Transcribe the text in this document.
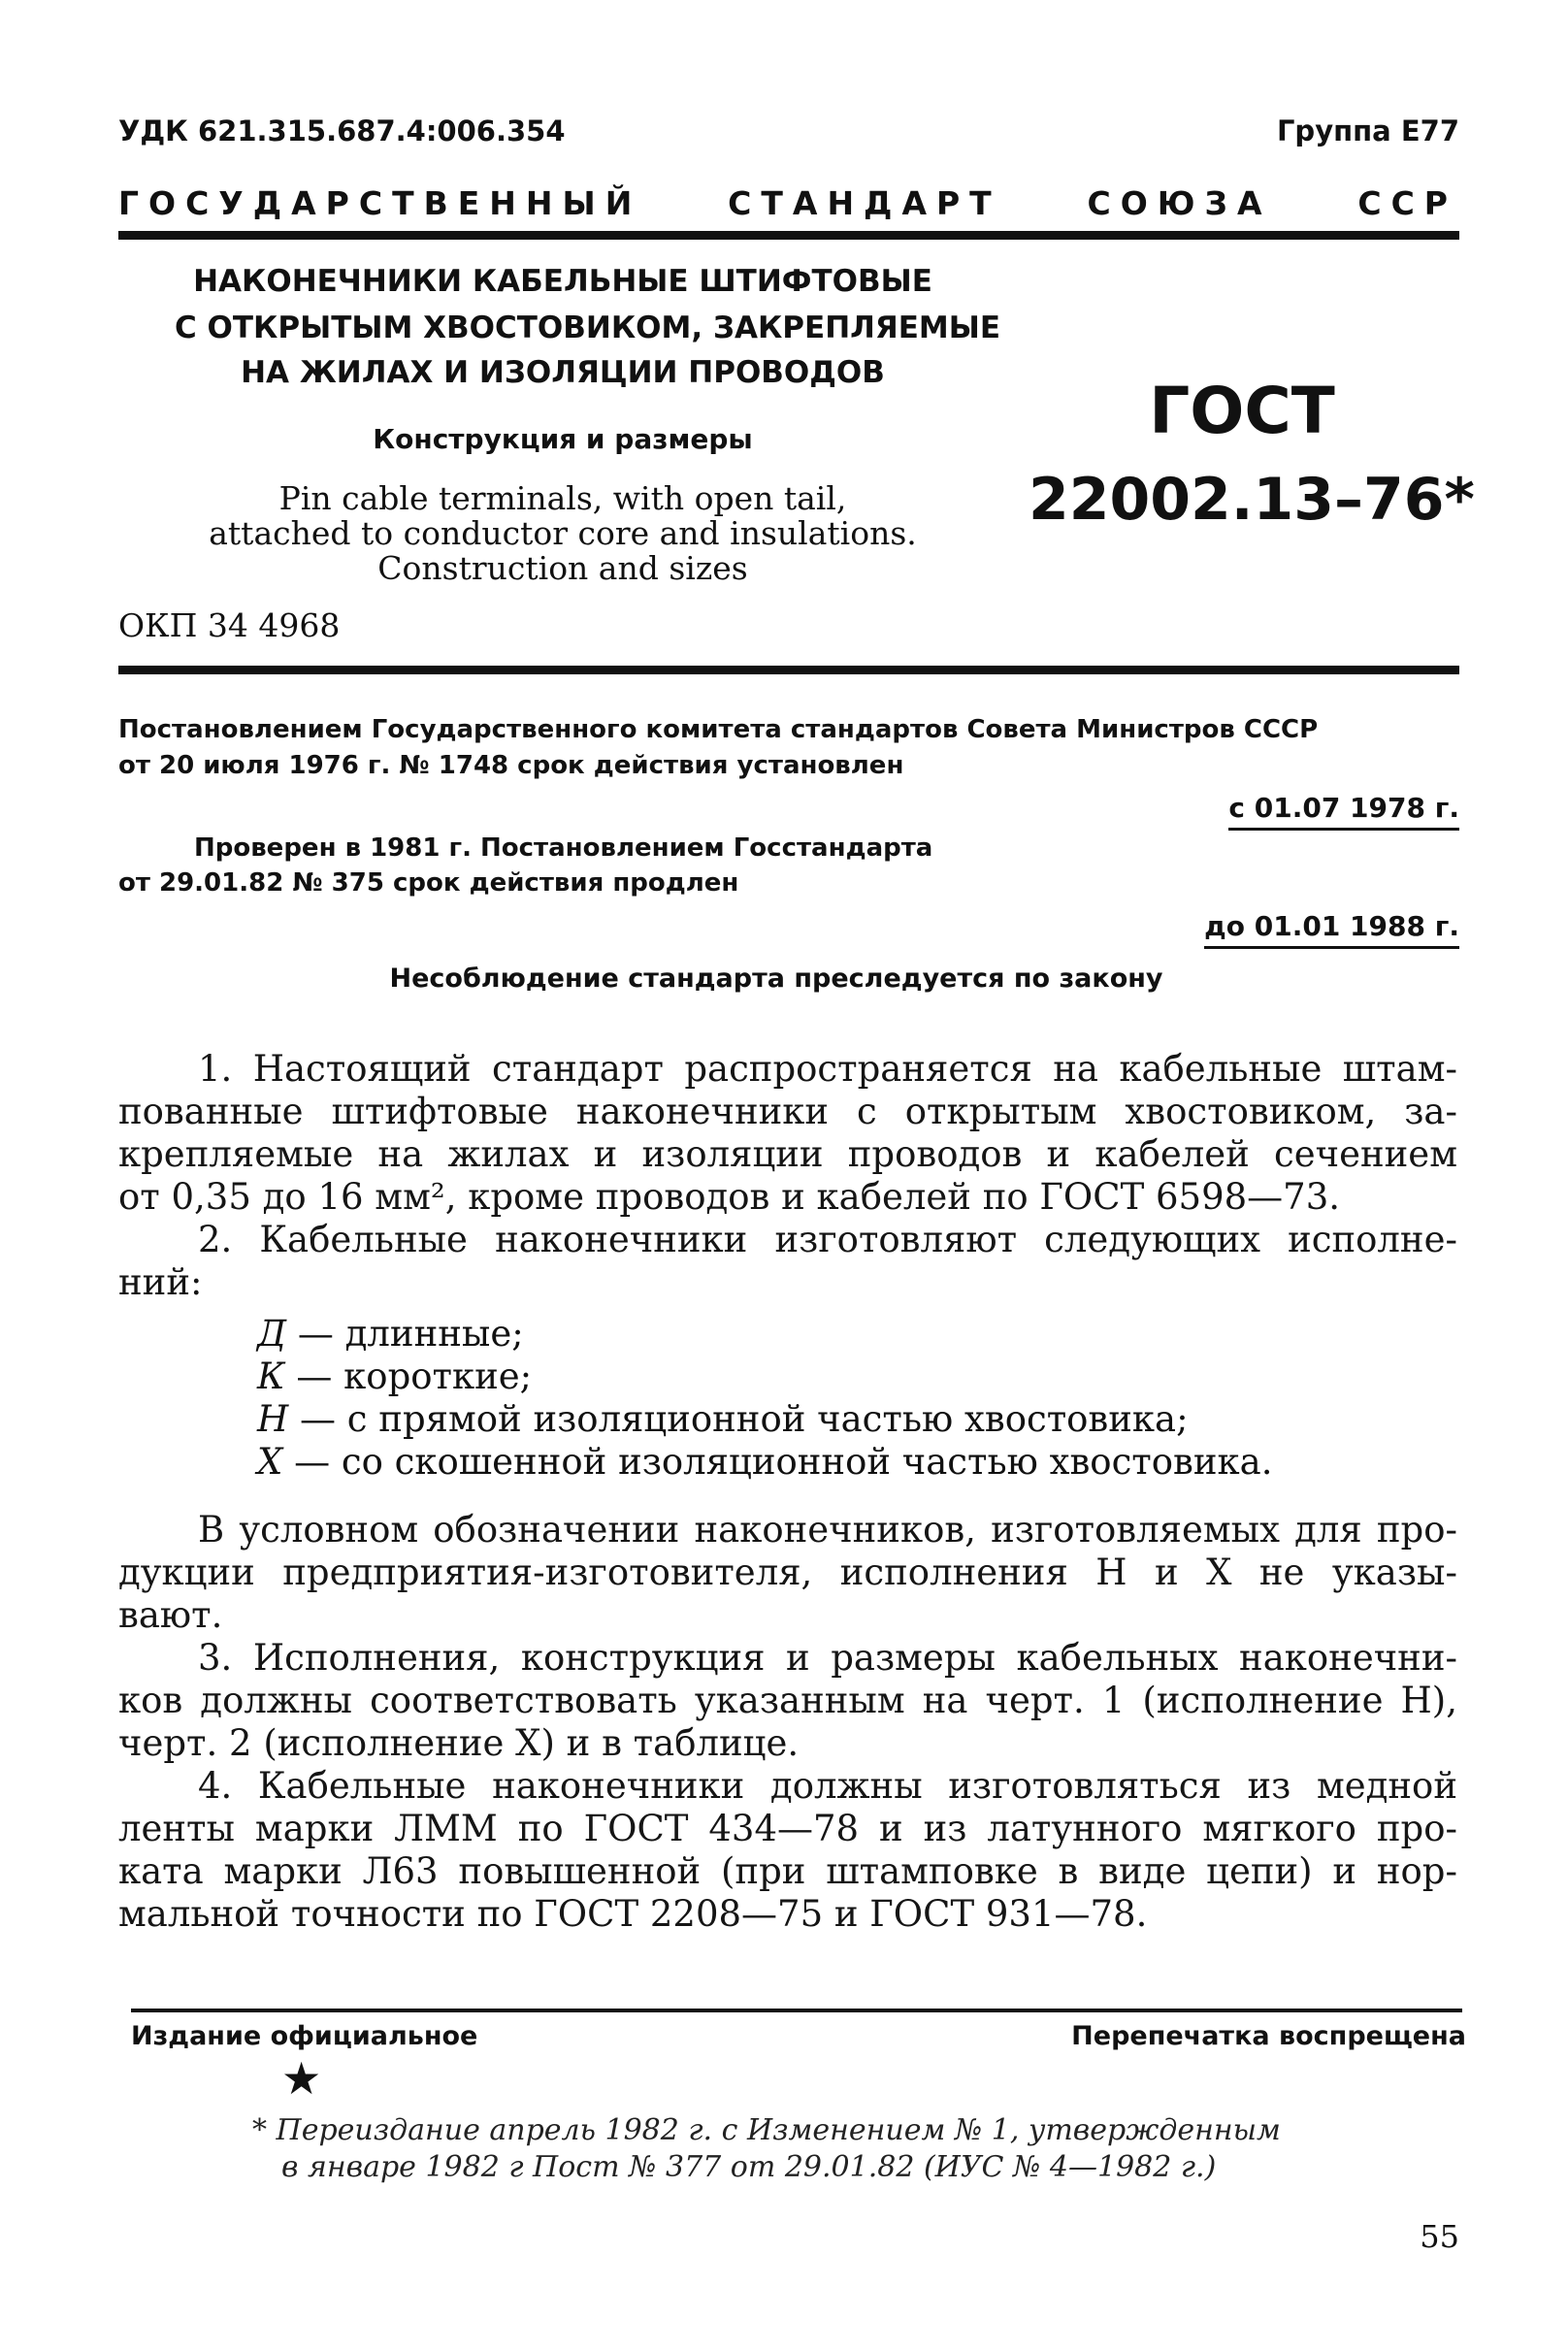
УДК 621.315.687.4:006.354	Группа Е77
ГОСУДАРСТВЕННЫЙ СТАНДАРТ СОЮЗА ССР
НАКОНЕЧНИКИ КАБЕЛЬНЫЕ ШТИФТОВЫЕ
С ОТКРЫТЫМ ХВОСТОВИКОМ, ЗАКРЕПЛЯЕМЫЕ
НА ЖИЛАХ И ИЗОЛЯЦИИ ПРОВОДОВ
Конструкция и размеры
Pin cable terminals, with open tail,
attached to conductor core and insulations.
Construction and sizes
ОКП 34 4968
ГОСТ
22002.13–76*
Постановлением Государственного комитета стандартов Совета Министров СССР
от 20 июля 1976 г. № 1748 срок действия установлен
с 01.07 1978 г.
Проверен в 1981 г. Постановлением Госстандарта
от 29.01.82 № 375 срок действия продлен
до 01.01 1988 г.
Несоблюдение стандарта преследуется по закону
1. Настоящий стандарт распространяется на кабельные штам-
пованные штифтовые наконечники с открытым хвостовиком, за-
крепляемые на жилах и изоляции проводов и кабелей сечением
от 0,35 до 16 мм², кроме проводов и кабелей по ГОСТ 6598—73.
2. Кабельные наконечники изготовляют следующих исполне-
ний:
Д — длинные;
К — короткие;
Н — с прямой изоляционной частью хвостовика;
Х — со скошенной изоляционной частью хвостовика.
В условном обозначении наконечников, изготовляемых для про-
дукции предприятия-изготовителя, исполнения Н и Х не указы-
вают.
3. Исполнения, конструкция и размеры кабельных наконечни-
ков должны соответствовать указанным на черт. 1 (исполнение Н),
черт. 2 (исполнение Х) и в таблице.
4. Кабельные наконечники должны изготовляться из медной
ленты марки ЛММ по ГОСТ 434—78 и из латунного мягкого про-
ката марки Л63 повышенной (при штамповке в виде цепи) и нор-
мальной точности по ГОСТ 2208—75 и ГОСТ 931—78.
Издание официальное	Перепечатка воспрещена
★
* Переиздание апрель 1982 г. с Изменением № 1, утвержденным
в январе 1982 г Пост № 377 от 29.01.82 (ИУС № 4—1982 г.)
55
